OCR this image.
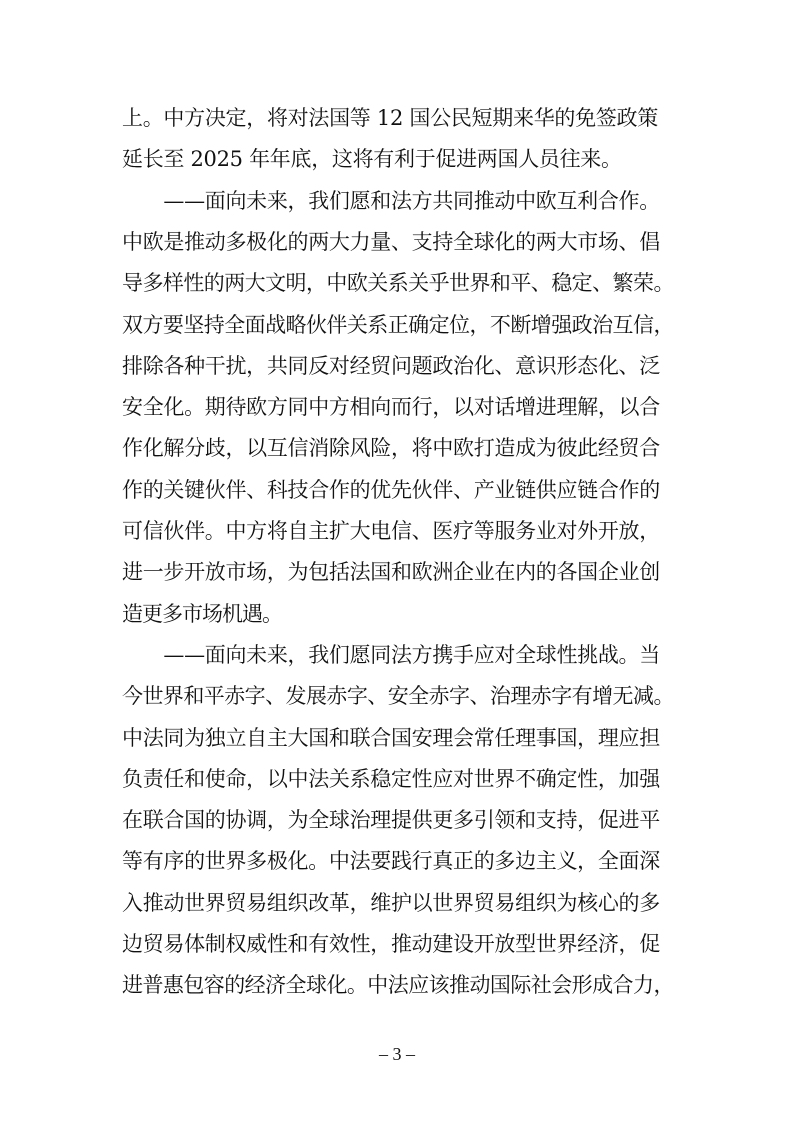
上。中方决定，将对法国等 12 国公民短期来华的免签政策
延长至 2025 年年底，这将有利于促进两国人员往来。
　　——面向未来，我们愿和法方共同推动中欧互利合作。
中欧是推动多极化的两大力量、支持全球化的两大市场、倡
导多样性的两大文明，中欧关系关乎世界和平、稳定、繁荣。
双方要坚持全面战略伙伴关系正确定位，不断增强政治互信，
排除各种干扰，共同反对经贸问题政治化、意识形态化、泛
安全化。期待欧方同中方相向而行，以对话增进理解，以合
作化解分歧，以互信消除风险，将中欧打造成为彼此经贸合
作的关键伙伴、科技合作的优先伙伴、产业链供应链合作的
可信伙伴。中方将自主扩大电信、医疗等服务业对外开放，
进一步开放市场，为包括法国和欧洲企业在内的各国企业创
造更多市场机遇。
　　——面向未来，我们愿同法方携手应对全球性挑战。当
今世界和平赤字、发展赤字、安全赤字、治理赤字有增无减。
中法同为独立自主大国和联合国安理会常任理事国，理应担
负责任和使命，以中法关系稳定性应对世界不确定性，加强
在联合国的协调，为全球治理提供更多引领和支持，促进平
等有序的世界多极化。中法要践行真正的多边主义，全面深
入推动世界贸易组织改革，维护以世界贸易组织为核心的多
边贸易体制权威性和有效性，推动建设开放型世界经济，促
进普惠包容的经济全球化。中法应该推动国际社会形成合力，
– 3 –
